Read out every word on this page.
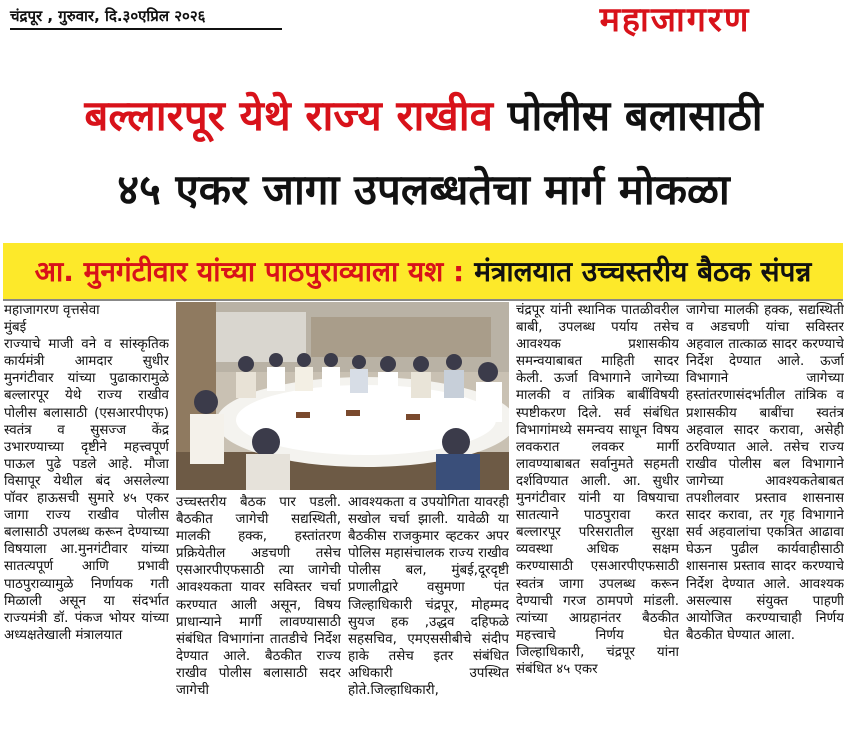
चंद्रपूर , गुरुवार, दि.३०एप्रिल २०२६	महाजागरण
बल्लारपूर येथे राज्य राखीव पोलीस बलासाठी
४५ एकर जागा उपलब्धतेचा मार्ग मोकळा
आ. मुनगंटीवार यांच्या पाठपुराव्याला यश : मंत्रालयात उच्चस्तरीय बैठक संपन्न

महाजागरण वृत्तसेवा

मुंबई

राज्याचे माजी वने व सांस्कृतिक कार्यमंत्री आमदार सुधीर मुनगंटीवार यांच्या पुढाकारामुळे बल्लारपूर येथे राज्य राखीव पोलीस बलासाठी (एसआरपीएफ) स्वतंत्र व सुसज्ज केंद्र उभारण्याच्या दृष्टीने महत्त्वपूर्ण पाऊल पुढे पडले आहे. मौजा विसापूर येथील बंद असलेल्या पॉवर हाऊसची सुमारे ४५ एकर जागा राज्य राखीव पोलीस बलासाठी उपलब्ध करून देण्याच्या विषयाला आ.मुनगंटीवार यांच्या सातत्यपूर्ण आणि प्रभावी पाठपुराव्यामुळे निर्णायक गती मिळाली असून या संदर्भात राज्यमंत्री डॉ. पंकज भोयर यांच्या अध्यक्षतेखाली मंत्रालयात

उच्चस्तरीय बैठक पार पडली. बैठकीत जागेची सद्यस्थिती, मालकी हक्क, हस्तांतरण प्रक्रियेतील अडचणी तसेच एसआरपीएफसाठी त्या जागेची आवश्यकता यावर सविस्तर चर्चा करण्यात आली असून, विषय प्राधान्याने मार्गी लावण्यासाठी संबंधित विभागांना तातडीचे निर्देश देण्यात आले. बैठकीत राज्य राखीव पोलीस बलासाठी सदर जागेची
आवश्यकता व उपयोगिता यावरही सखोल चर्चा झाली. यावेळी या बैठकीस राजकुमार व्हटकर अपर पोलिस महासंचालक राज्य राखीव पोलीस बल, मुंबई,दूरदृष्टी प्रणालीद्वारे वसुमणा पंत जिल्हाधिकारी चंद्रपूर, मोहम्मद सुयज हक ,उद्धव दहिफळे सहसचिव, एमएससीबीचे संदीप हाके तसेच इतर संबंधित अधिकारी उपस्थित होते.जिल्हाधिकारी,
चंद्रपूर यांनी स्थानिक पातळीवरील बाबी, उपलब्ध पर्याय तसेच आवश्यक प्रशासकीय समन्वयाबाबत माहिती सादर केली. ऊर्जा विभागाने जागेच्या मालकी व तांत्रिक बाबींविषयी स्पष्टीकरण दिले. सर्व संबंधित विभागांमध्ये समन्वय साधून विषय लवकरात लवकर मार्गी लावण्याबाबत सर्वानुमते सहमती दर्शविण्यात आली. आ. सुधीर मुनगंटीवार यांनी या विषयाचा सातत्याने पाठपुरावा करत बल्लारपूर परिसरातील सुरक्षा व्यवस्था अधिक सक्षम करण्यासाठी एसआरपीएफसाठी स्वतंत्र जागा उपलब्ध करून देण्याची गरज ठामपणे मांडली. त्यांच्या आग्रहानंतर बैठकीत महत्त्वाचे निर्णय घेत जिल्हाधिकारी, चंद्रपूर यांना संबंधित ४५ एकर
जागेचा मालकी हक्क, सद्यस्थिती व अडचणी यांचा सविस्तर अहवाल तात्काळ सादर करण्याचे निर्देश देण्यात आले. ऊर्जा विभागाने जागेच्या हस्तांतरणासंदर्भातील तांत्रिक व प्रशासकीय बाबींचा स्वतंत्र अहवाल सादर करावा, असेही ठरविण्यात आले. तसेच राज्य राखीव पोलीस बल विभागाने जागेच्या आवश्यकतेबाबत तपशीलवार प्रस्ताव शासनास सादर करावा, तर गृह विभागाने सर्व अहवालांचा एकत्रित आढावा घेऊन पुढील कार्यवाहीसाठी शासनास प्रस्ताव सादर करण्याचे निर्देश देण्यात आले. आवश्यक असल्यास संयुक्त पाहणी आयोजित करण्याचाही निर्णय बैठकीत घेण्यात आला.
